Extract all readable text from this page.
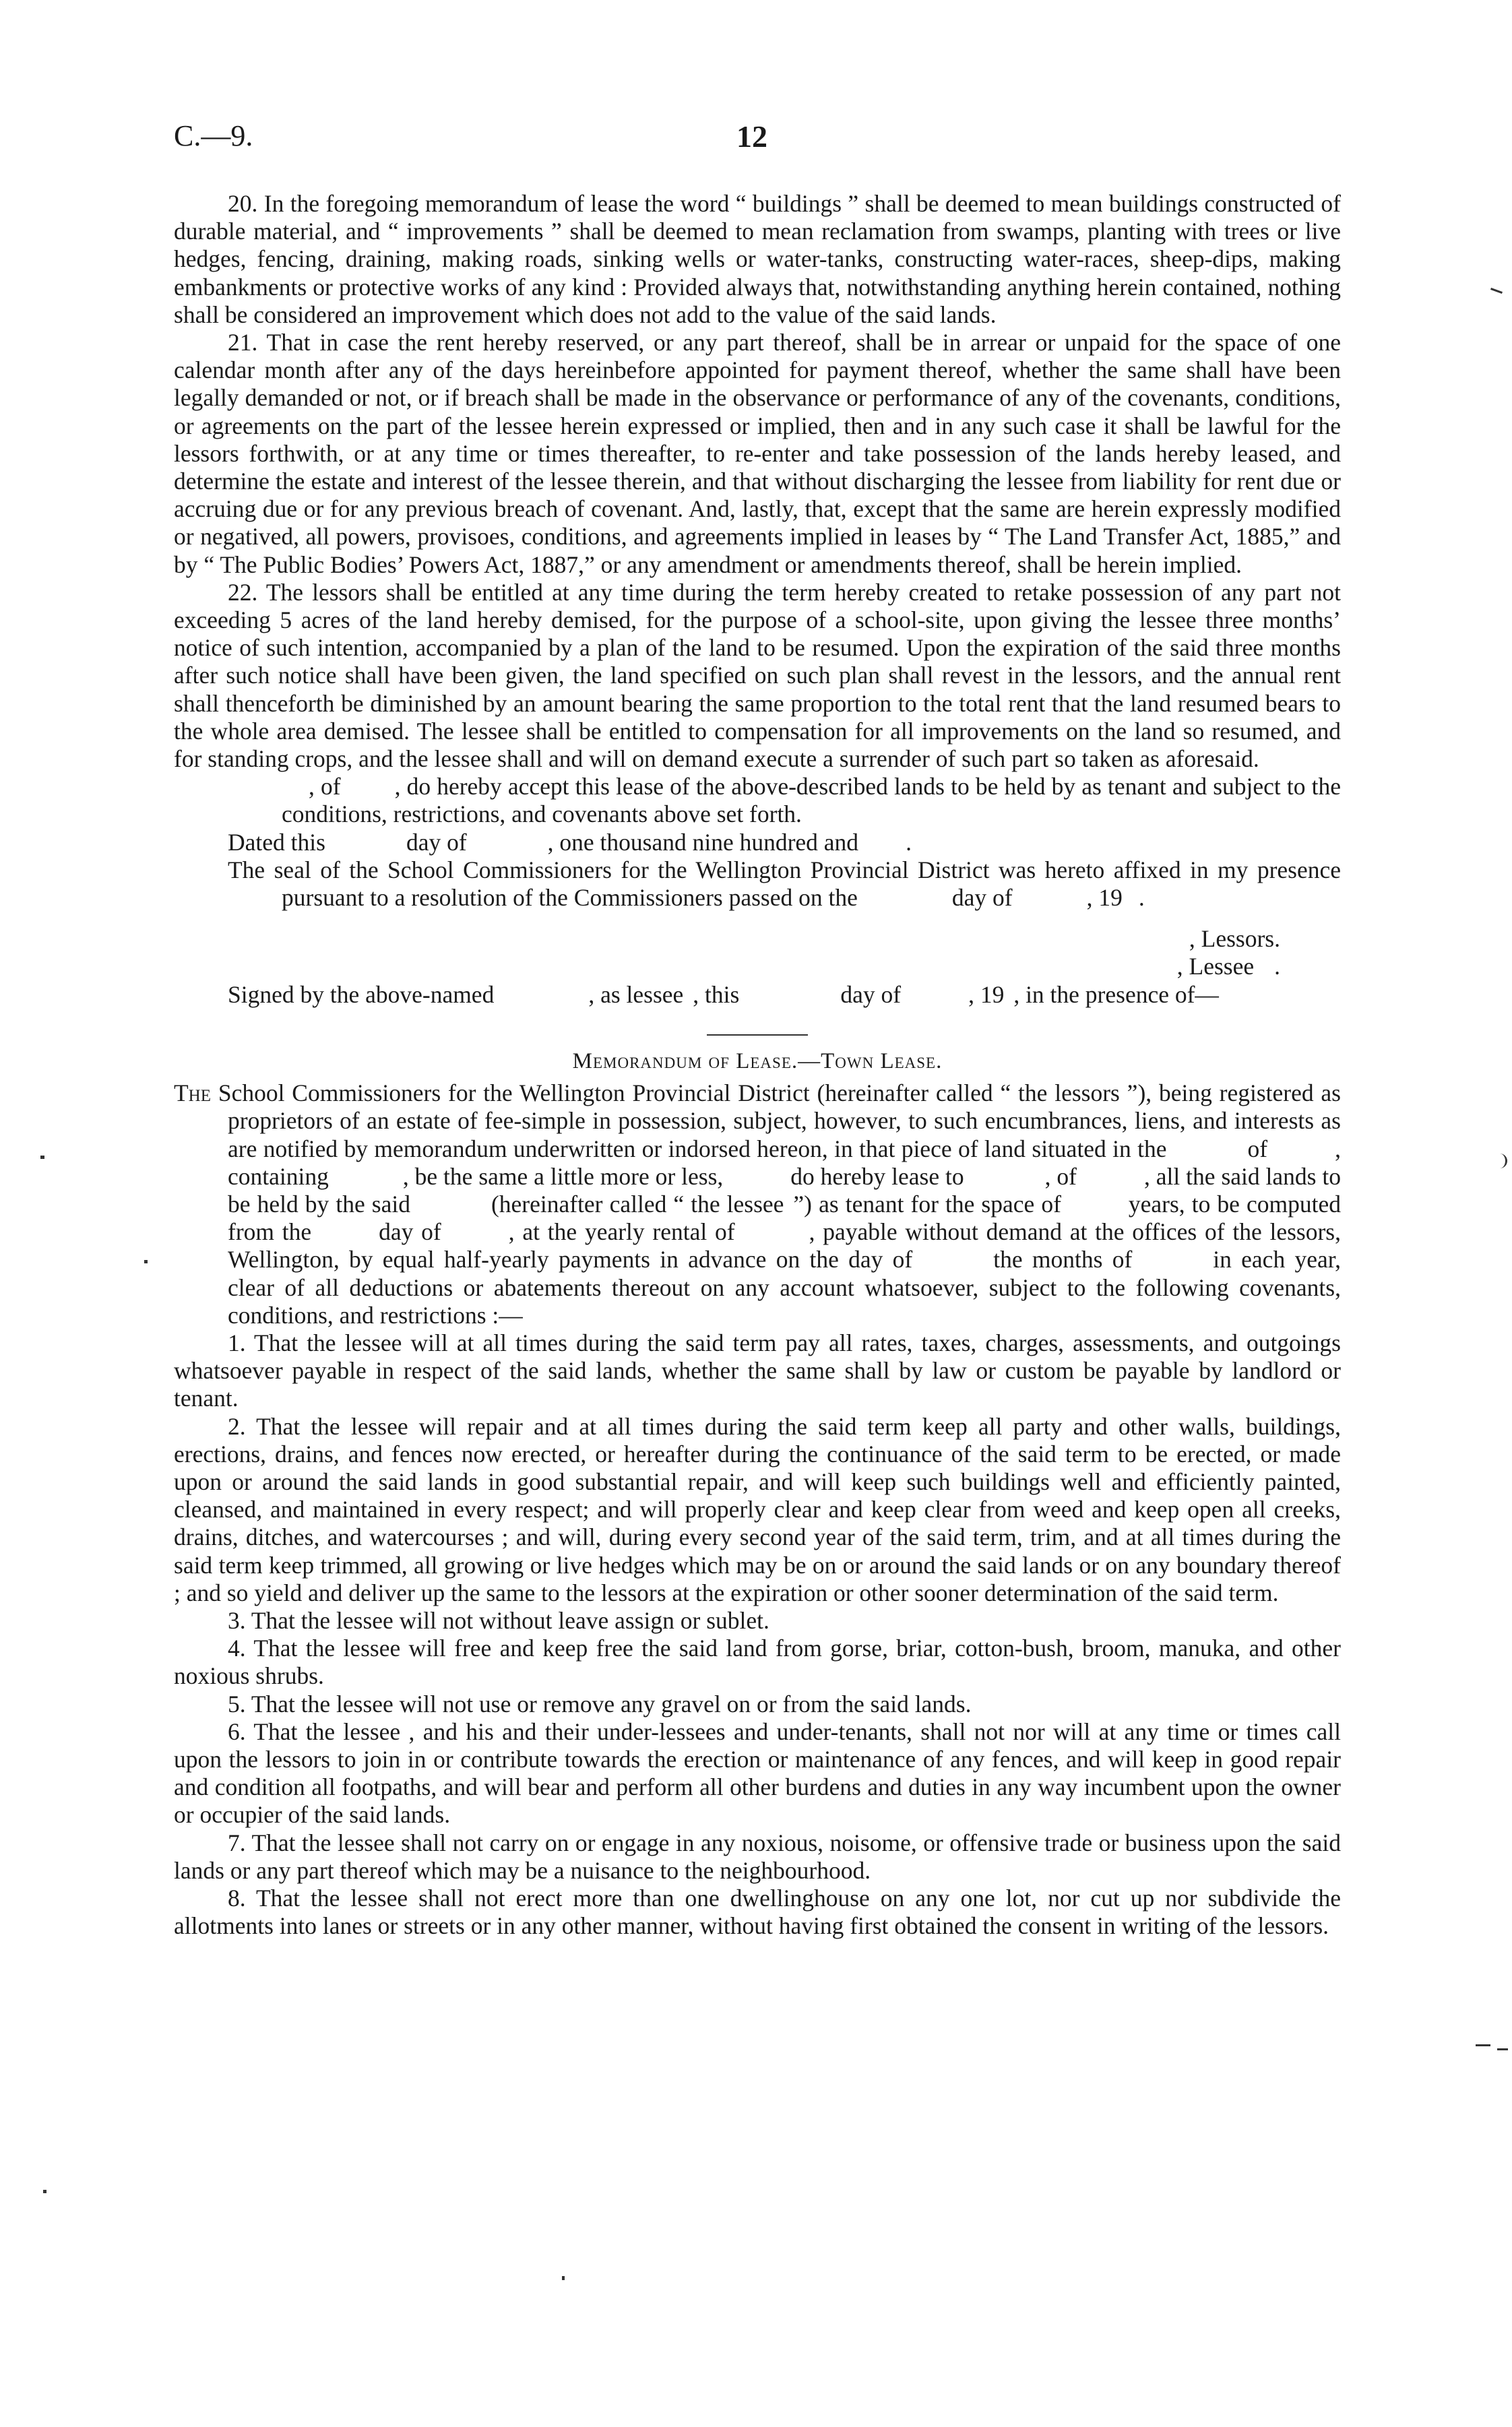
C.—9.	12

20. In the foregoing memorandum of lease the word “ buildings ” shall be deemed to mean buildings constructed of durable material, and “ improvements ” shall be deemed to mean reclamation from swamps, planting with trees or live hedges, fencing, draining, making roads, sinking wells or water-tanks, constructing water-races, sheep-dips, making embankments or protective works of any kind : Provided always that, notwithstanding anything herein contained, nothing shall be considered an improvement which does not add to the value of the said lands.

21. That in case the rent hereby reserved, or any part thereof, shall be in arrear or unpaid for the space of one calendar month after any of the days hereinbefore appointed for payment thereof, whether the same shall have been legally demanded or not, or if breach shall be made in the observance or performance of any of the covenants, conditions, or agreements on the part of the lessee herein expressed or implied, then and in any such case it shall be lawful for the lessors forthwith, or at any time or times thereafter, to re-enter and take possession of the lands hereby leased, and determine the estate and interest of the lessee therein, and that without discharging the lessee from liability for rent due or accruing due or for any previous breach of covenant. And, lastly, that, except that the same are herein expressly modified or negatived, all powers, provisoes, conditions, and agreements implied in leases by “ The Land Transfer Act, 1885,” and by “ The Public Bodies’ Powers Act, 1887,” or any amendment or amendments thereof, shall be herein implied.

22. The lessors shall be entitled at any time during the term hereby created to retake possession of any part not exceeding 5 acres of the land hereby demised, for the purpose of a school-site, upon giving the lessee three months’ notice of such intention, accompanied by a plan of the land to be resumed. Upon the expiration of the said three months after such notice shall have been given, the land specified on such plan shall revest in the lessors, and the annual rent shall thenceforth be diminished by an amount bearing the same proportion to the total rent that the land resumed bears to the whole area demised. The lessee shall be entitled to compensation for all improvements on the land so resumed, and for standing crops, and the lessee shall and will on demand execute a surrender of such part so taken as aforesaid.

, of , do hereby accept this lease of the above-described lands to be held by as tenant and subject to the conditions, restrictions, and covenants above set forth.

Dated this	day of	, one thousand nine hundred and .

The seal of the School Commissioners for the Wellington Provincial District was hereto affixed in my presence pursuant to a resolution of the Commissioners passed on the	day of	, 19 .

, Lessors.

, Lessee .

Signed by the above-named	, as lessee , this	day of	, 19 , in the presence of—

Memorandum of Lease.—Town Lease.

The School Commissioners for the Wellington Provincial District (hereinafter called “ the lessors ”), being registered as proprietors of an estate of fee-simple in possession, subject, however, to such encumbrances, liens, and interests as are notified by memorandum underwritten or indorsed hereon, in that piece of land situated in the	of	, containing	, be the same a little more or less,	do hereby lease to	, of	, all the said lands to be held by the said	(hereinafter called “ the lessee ”) as tenant for the space of	years, to be computed from the	day of	, at the yearly rental of	, payable without demand at the offices of the lessors, Wellington, by equal half-yearly payments in advance on the day of	the months of	in each year, clear of all deductions or abatements thereout on any account whatsoever, subject to the following covenants, conditions, and restrictions :—

1. That the lessee will at all times during the said term pay all rates, taxes, charges, assessments, and outgoings whatsoever payable in respect of the said lands, whether the same shall by law or custom be payable by landlord or tenant.

2. That the lessee will repair and at all times during the said term keep all party and other walls, buildings, erections, drains, and fences now erected, or hereafter during the continuance of the said term to be erected, or made upon or around the said lands in good substantial repair, and will keep such buildings well and efficiently painted, cleansed, and maintained in every respect; and will properly clear and keep clear from weed and keep open all creeks, drains, ditches, and watercourses ; and will, during every second year of the said term, trim, and at all times during the said term keep trimmed, all growing or live hedges which may be on or around the said lands or on any boundary thereof ; and so yield and deliver up the same to the lessors at the expiration or other sooner determination of the said term.

3. That the lessee will not without leave assign or sublet.

4. That the lessee will free and keep free the said land from gorse, briar, cotton-bush, broom, manuka, and other noxious shrubs.

5. That the lessee will not use or remove any gravel on or from the said lands.

6. That the lessee , and his and their under-lessees and under-tenants, shall not nor will at any time or times call upon the lessors to join in or contribute towards the erection or maintenance of any fences, and will keep in good repair and condition all footpaths, and will bear and perform all other burdens and duties in any way incumbent upon the owner or occupier of the said lands.

7. That the lessee shall not carry on or engage in any noxious, noisome, or offensive trade or business upon the said lands or any part thereof which may be a nuisance to the neighbourhood.

8. That the lessee shall not erect more than one dwellinghouse on any one lot, nor cut up nor subdivide the allotments into lanes or streets or in any other manner, without having first obtained the consent in writing of the lessors.
